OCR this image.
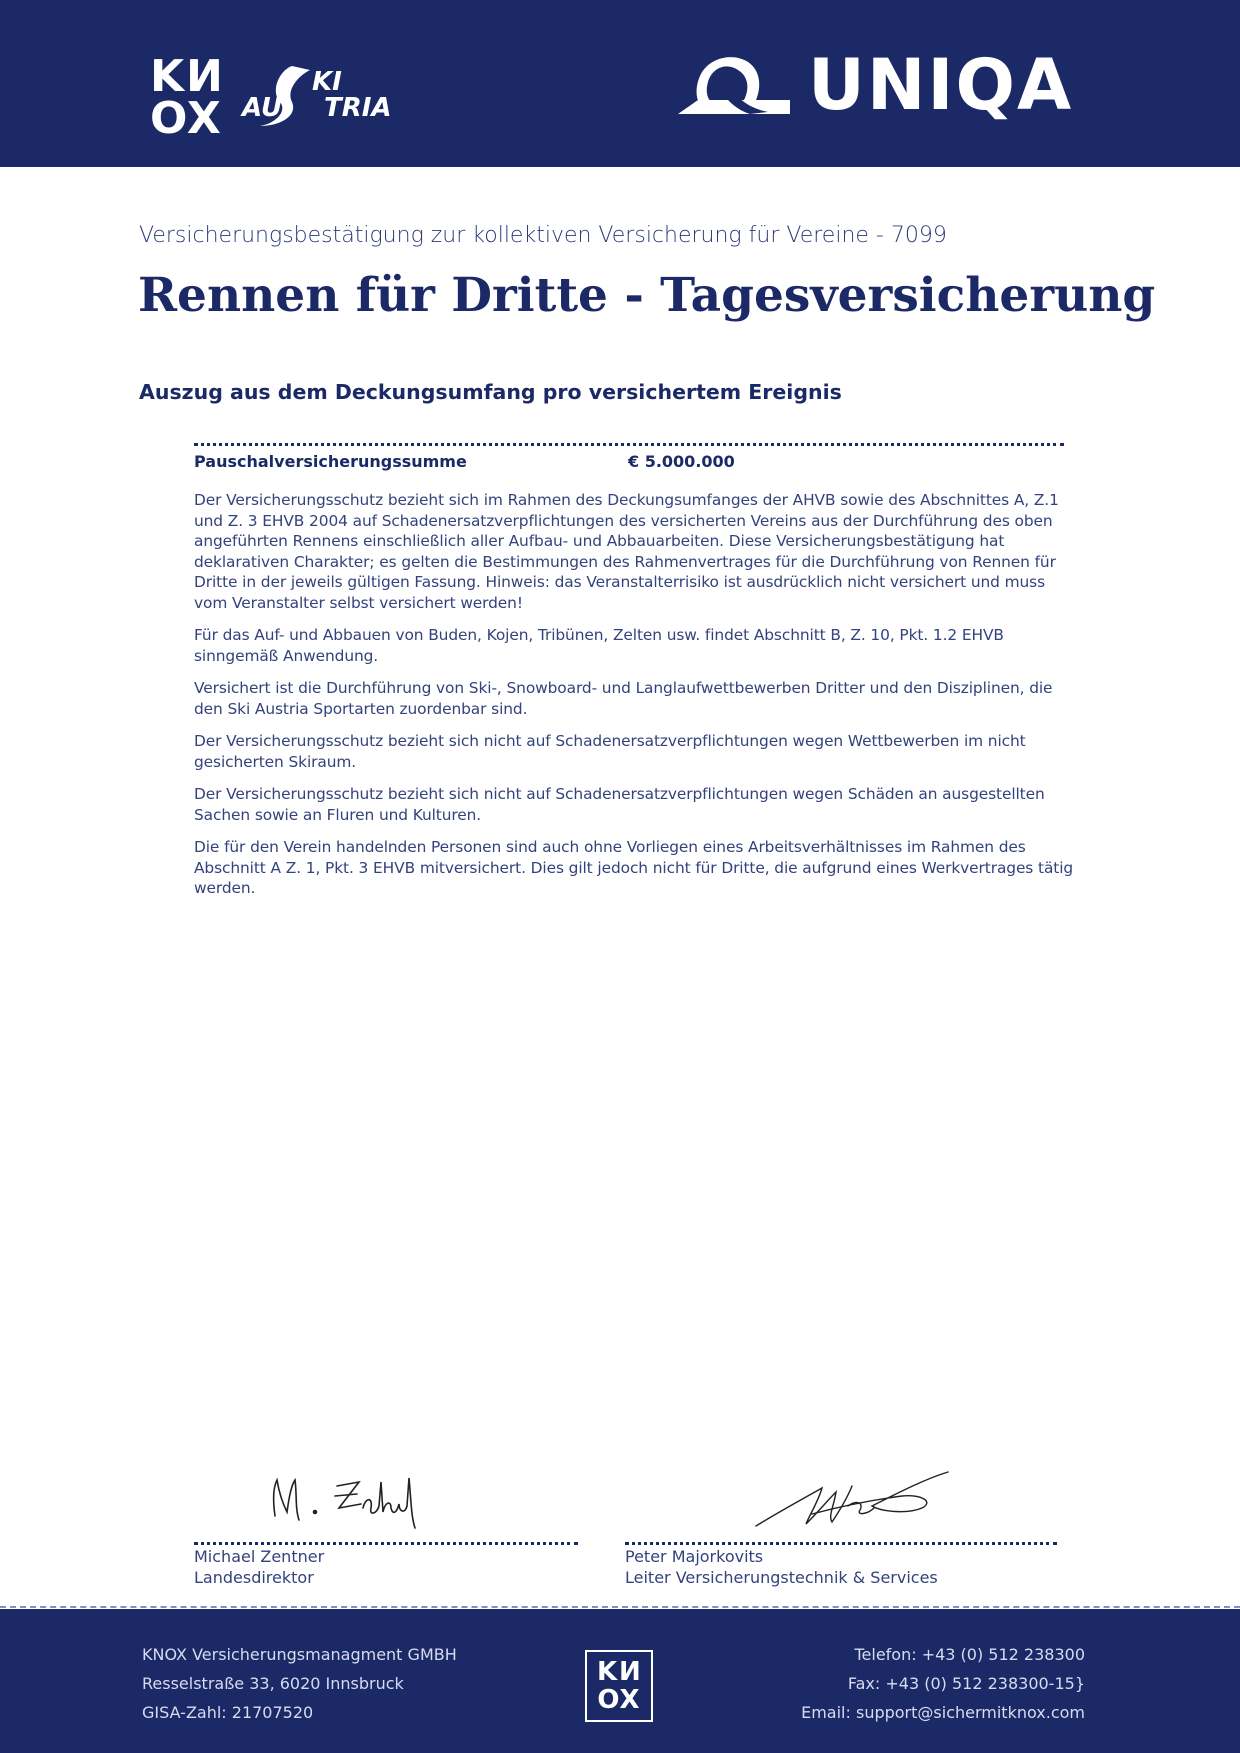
KN
OX
KI
AU TRIA	UNIQA
Versicherungsbestätigung zur kollektiven Versicherung für Vereine - 7099
Rennen für Dritte - Tagesversicherung
Auszug aus dem Deckungsumfang pro versichertem Ereignis
Pauschalversicherungssumme	€ 5.000.000

Der Versicherungsschutz bezieht sich im Rahmen des Deckungsumfanges der AHVB sowie des Abschnittes A, Z.1 und Z. 3 EHVB 2004 auf Schadenersatzverpflichtungen des versicherten Vereins aus der Durchführung des oben angeführten Rennens einschließlich aller Aufbau- und Abbauarbeiten. Diese Versicherungsbestätigung hat deklarativen Charakter; es gelten die Bestimmungen des Rahmenvertrages für die Durchführung von Rennen für Dritte in der jeweils gültigen Fassung. Hinweis: das Veranstalterrisiko ist ausdrücklich nicht versichert und muss vom Veranstalter selbst versichert werden!

Für das Auf- und Abbauen von Buden, Kojen, Tribünen, Zelten usw. findet Abschnitt B, Z. 10, Pkt. 1.2 EHVB sinngemäß Anwendung.

Versichert ist die Durchführung von Ski-, Snowboard- und Langlaufwettbewerben Dritter und den Disziplinen, die den Ski Austria Sportarten zuordenbar sind.

Der Versicherungsschutz bezieht sich nicht auf Schadenersatzverpflichtungen wegen Wettbewerben im nicht gesicherten Skiraum.

Der Versicherungsschutz bezieht sich nicht auf Schadenersatzverpflichtungen wegen Schäden an ausgestellten Sachen sowie an Fluren und Kulturen.

Die für den Verein handelnden Personen sind auch ohne Vorliegen eines Arbeitsverhältnisses im Rahmen des Abschnitt A Z. 1, Pkt. 3 EHVB mitversichert. Dies gilt jedoch nicht für Dritte, die aufgrund eines Werkvertrages tätig werden.

Michael Zentner
Landesdirektor
Peter Majorkovits
Leiter Versicherungstechnik & Services
KNOX Versicherungsmanagment GMBH
Resselstraße 33, 6020 Innsbruck
GISA-Zahl: 21707520
KN
OX
Telefon: +43 (0) 512 238300
Fax: +43 (0) 512 238300-15}
Email: support@sichermitknox.com
